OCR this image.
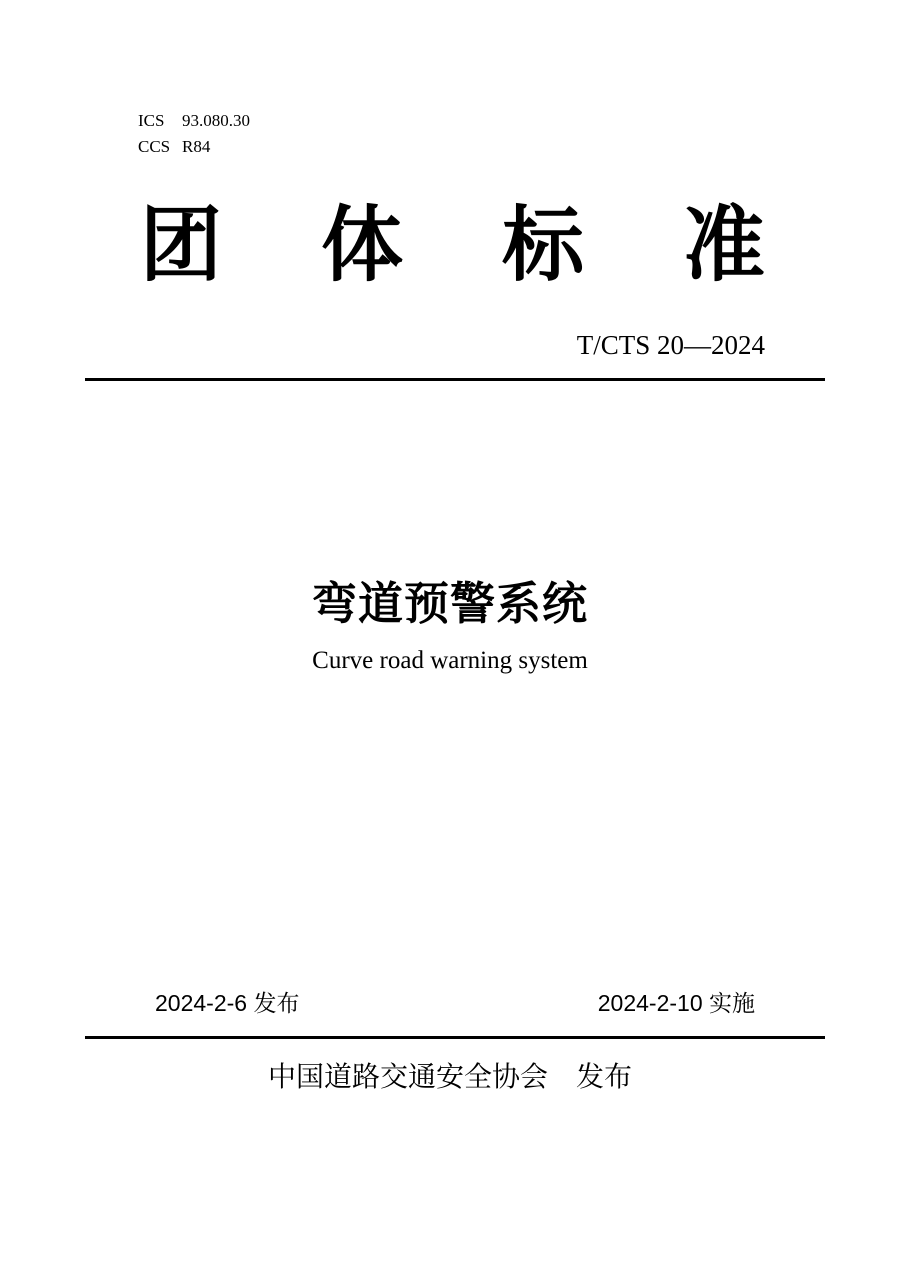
ICS 93.080.30
CCS R84
团 体 标 准
T/CTS 20—2024
弯道预警系统
Curve road warning system
2024-2-6 发布	2024-2-10 实施
中国道路交通安全协会　发布
